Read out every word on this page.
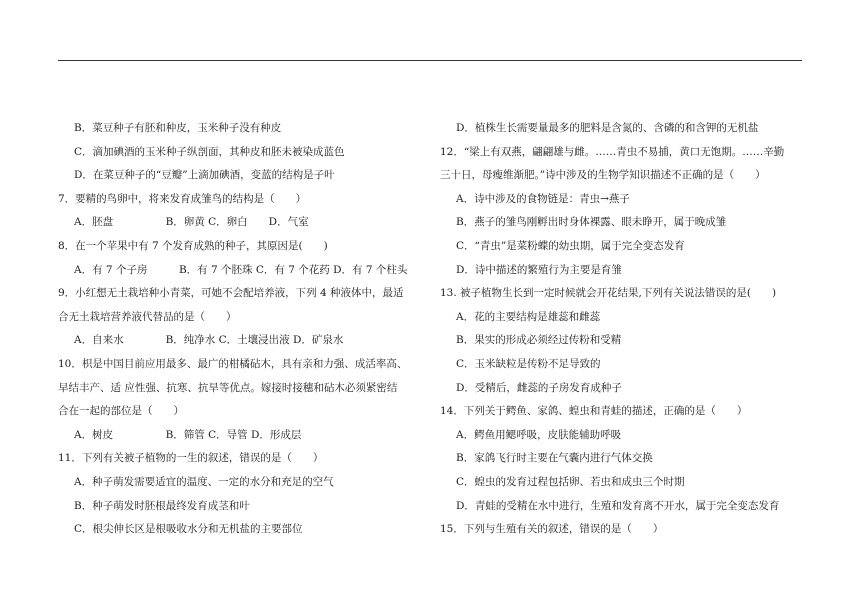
B．菜豆种子有胚和种皮，玉米种子没有种皮
C．滴加碘酒的玉米种子纵剖面，其种皮和胚未被染成蓝色
D．在菜豆种子的“豆瓣”上滴加碘酒，变蓝的结构是子叶
7．要精的鸟卵中，将来发育成雏鸟的结构是（　　）
A．胚盘　　　　　B．卵黄 C．卵白　　D．气室
8．在一个苹果中有 7 个发育成熟的种子，其原因是(　　)
A．有 7 个子房　　　B．有 7 个胚珠 C．有 7 个花药 D．有 7 个柱头
9．小红想无土栽培种小青菜，可她不会配培养液，下列 4 种液体中，最适
合无土栽培营养液代替品的是（　　）
A．自来水　　　　B．纯净水 C．土壤浸出液 D．矿泉水
10．枳是中国目前应用最多、最广的柑橘砧木，具有亲和力强、成活率高、
早结丰产、适 应性强、抗寒、抗旱等优点。嫁接时接穗和砧木必须紧密结
合在一起的部位是（　　）
A．树皮　　　　　B．筛管 C．导管 D．形成层
11．下列有关被子植物的一生的叙述，错误的是（　　）
A．种子萌发需要适宜的温度、一定的水分和充足的空气
B．种子萌发时胚根最终发育成茎和叶
C．根尖伸长区是根吸收水分和无机盐的主要部位
D．植株生长需要量最多的肥料是含氮的、含磷的和含钾的无机盐
12．“梁上有双燕，翩翩雄与雌。……青虫不易捕，黄口无饱期。……辛勤
三十日，母瘦维渐肥。”诗中涉及的生物学知识描述不正确的是（　　）
A．诗中涉及的食物链是：青虫→燕子
B．燕子的雏鸟刚孵出时身体裸露、眼未睁开，属于晚成雏
C．“青虫”是菜粉蝶的幼虫期，属于完全变态发育
D．诗中描述的繁殖行为主要是育雏
13. 被子植物生长到一定时候就会开花结果,下列有关说法错误的是(　　)
A．花的主要结构是雄蕊和雌蕊
B．果实的形成必须经过传粉和受精
C．玉米缺粒是传粉不足导致的
D．受精后，雌蕊的子房发育成种子
14．下列关于鳄鱼、家鸽、蝗虫和青蛙的描述，正确的是（　　）
A．鳄鱼用鳃呼吸，皮肤能辅助呼吸
B．家鸽飞行时主要在气囊内进行气体交换
C．蝗虫的发育过程包括卵、若虫和成虫三个时期
D．青蛙的受精在水中进行，生殖和发育离不开水，属于完全变态发育
15．下列与生殖有关的叙述，错误的是（　　）
